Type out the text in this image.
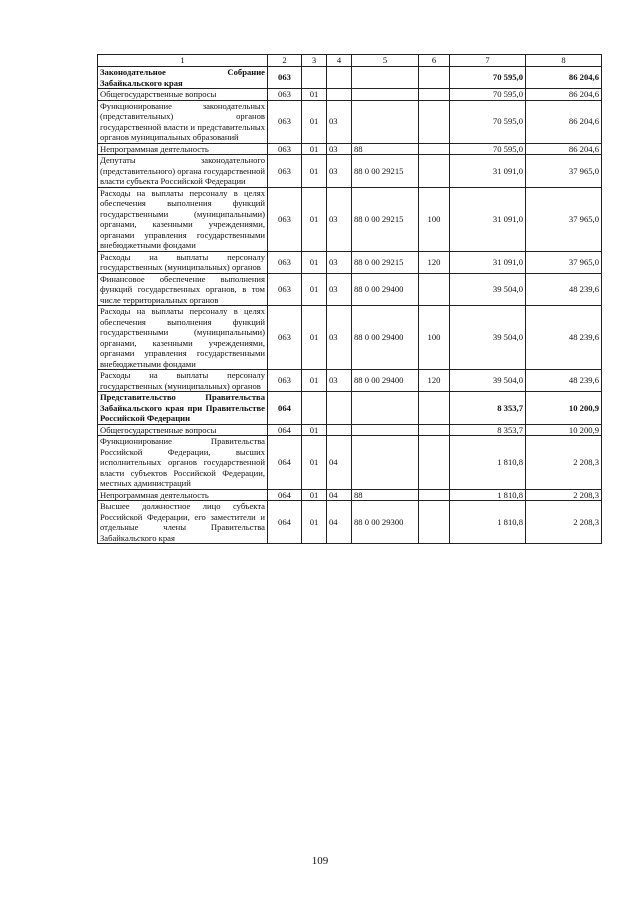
1	2	3	4	5	6	7	8
Законодательное Собрание Забайкальского края	063					70 595,0	86 204,6
Общегосударственные вопросы	063	01				70 595,0	86 204,6
Функционирование законодательных (представительных) органов государственной власти и представительных органов муниципальных образований	063	01	03			70 595,0	86 204,6
Непрограммная деятельность	063	01	03	88		70 595,0	86 204,6
Депутаты законодательного (представительного) органа государственной власти субъекта Российской Федерации	063	01	03	88 0 00 29215		31 091,0	37 965,0
Расходы на выплаты персоналу в целях обеспечения выполнения функций государственными (муниципальными) органами, казенными учреждениями, органами управления государственными внебюджетными фондами	063	01	03	88 0 00 29215	100	31 091,0	37 965,0
Расходы на выплаты персоналу государственных (муниципальных) органов	063	01	03	88 0 00 29215	120	31 091,0	37 965,0
Финансовое обеспечение выполнения функций государственных органов, в том числе территориальных органов	063	01	03	88 0 00 29400		39 504,0	48 239,6
Расходы на выплаты персоналу в целях обеспечения выполнения функций государственными (муниципальными) органами, казенными учреждениями, органами управления государственными внебюджетными фондами	063	01	03	88 0 00 29400	100	39 504,0	48 239,6
Расходы на выплаты персоналу государственных (муниципальных) органов	063	01	03	88 0 00 29400	120	39 504,0	48 239,6
Представительство Правительства Забайкальского края при Правительстве Российской Федерации	064					8 353,7	10 200,9
Общегосударственные вопросы	064	01				8 353,7	10 200,9
Функционирование Правительства Российской Федерации, высших исполнительных органов государственной власти субъектов Российской Федерации, местных администраций	064	01	04			1 810,8	2 208,3
Непрограммная деятельность	064	01	04	88		1 810,8	2 208,3
Высшее должностное лицо субъекта Российской Федерации, его заместители и отдельные члены Правительства Забайкальского края	064	01	04	88 0 00 29300		1 810,8	2 208,3
109
